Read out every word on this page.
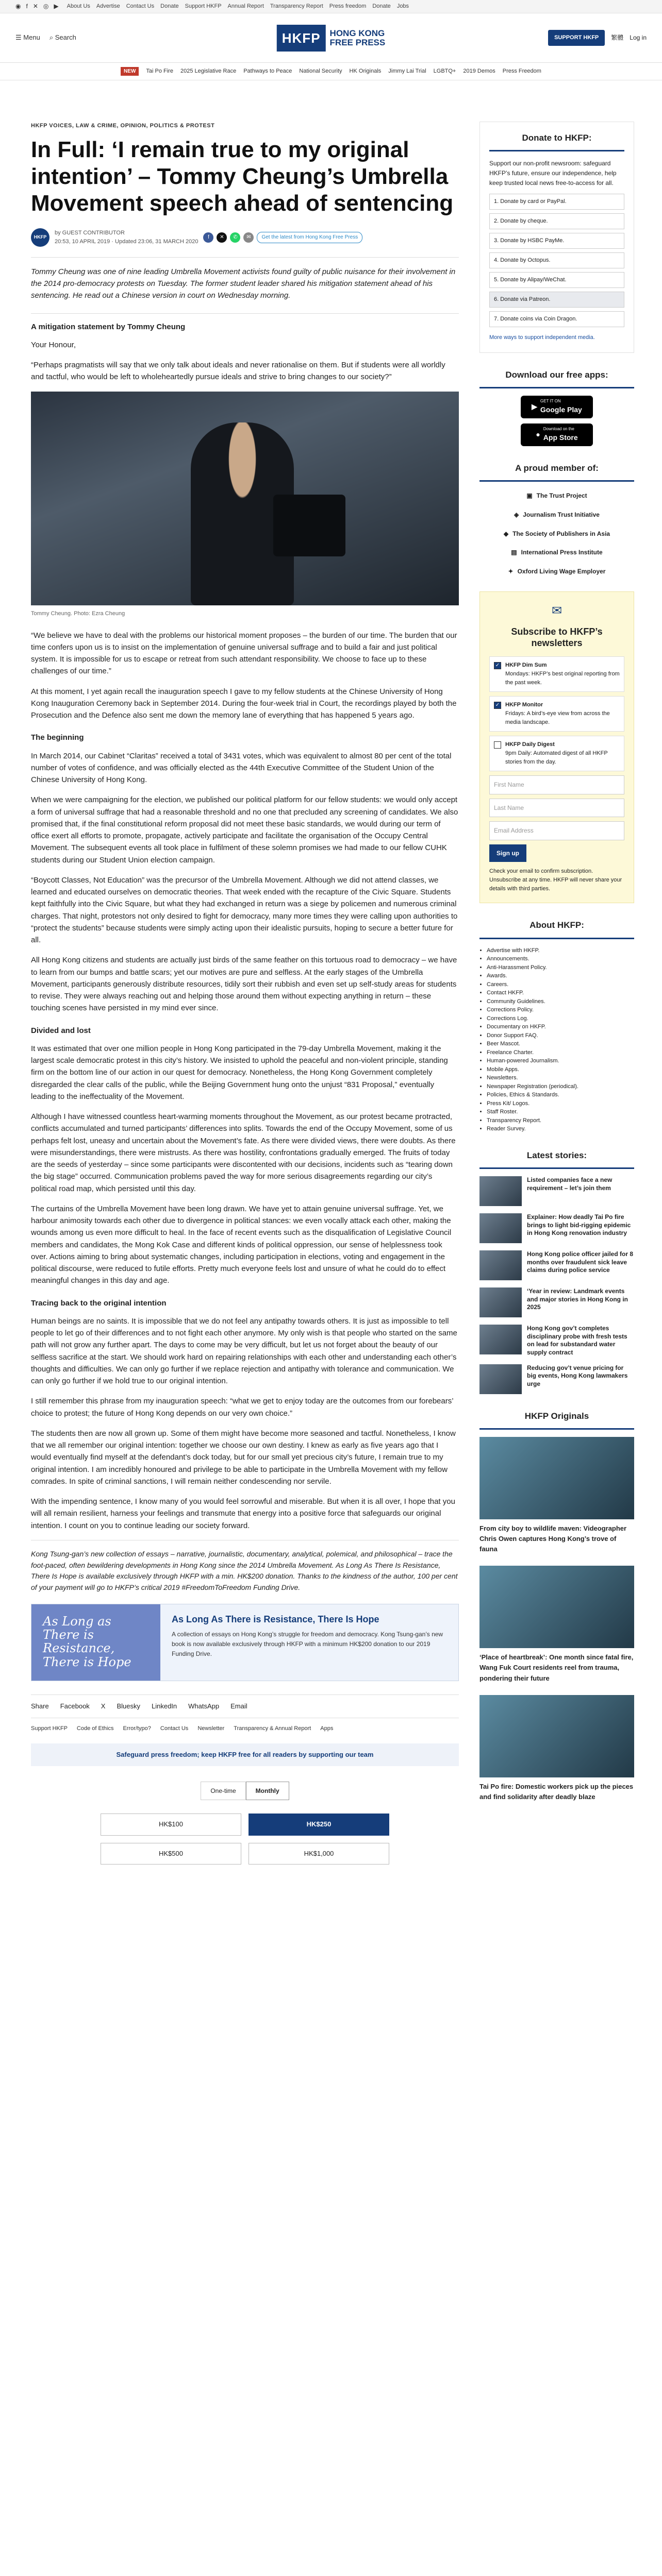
◉ f ✕ ◎ ▶ About Us Advertise Contact Us Donate Support HKFP Annual Report Transparency Report Press freedom Donate Jobs
☰ Menu ⌕ Search	HKFP	HONG KONG
FREE PRESS
SUPPORT HKFP	繁體 Log in
NEW	Tai Po Fire 2025 Legislative Race Pathways to Peace National Security HK Originals Jimmy Lai Trial LGBTQ+ 2019 Demos Press Freedom
HKFP VOICES, LAW & CRIME, OPINION, POLITICS & PROTEST
In Full: ‘I remain true to my original intention’ – Tommy Cheung’s Umbrella Movement speech ahead of sentencing
HKFP
by GUEST CONTRIBUTOR
20:53, 10 APRIL 2019 · Updated 23:06, 31 MARCH 2020
f	✕	✆	✉	Get the latest from Hong Kong Free Press

Tommy Cheung was one of nine leading Umbrella Movement activists found guilty of public nuisance for their involvement in the 2014 pro-democracy protests on Tuesday. The former student leader shared his mitigation statement ahead of his sentencing. He read out a Chinese version in court on Wednesday morning.

A mitigation statement by Tommy Cheung

Your Honour,

“Perhaps pragmatists will say that we only talk about ideals and never rationalise on them. But if students were all worldly and tactful, who would be left to wholeheartedly pursue ideals and strive to bring changes to our society?”

Tommy Cheung. Photo: Ezra Cheung

“We believe we have to deal with the problems our historical moment proposes – the burden of our time. The burden that our time confers upon us is to insist on the implementation of genuine universal suffrage and to build a fair and just political system. It is impossible for us to escape or retreat from such attendant responsibility. We choose to face up to these challenges of our time.”

At this moment, I yet again recall the inauguration speech I gave to my fellow students at the Chinese University of Hong Kong Inauguration Ceremony back in September 2014. During the four-week trial in Court, the recordings played by both the Prosecution and the Defence also sent me down the memory lane of everything that has happened 5 years ago.

The beginning

In March 2014, our Cabinet “Claritas” received a total of 3431 votes, which was equivalent to almost 80 per cent of the total number of votes of confidence, and was officially elected as the 44th Executive Committee of the Student Union of the Chinese University of Hong Kong.

When we were campaigning for the election, we published our political platform for our fellow students: we would only accept a form of universal suffrage that had a reasonable threshold and no one that precluded any screening of candidates. We also promised that, if the final constitutional reform proposal did not meet these basic standards, we would during our term of office exert all efforts to promote, propagate, actively participate and facilitate the organisation of the Occupy Central Movement. The subsequent events all took place in fulfilment of these solemn promises we had made to our fellow CUHK students during our Student Union election campaign.

“Boycott Classes, Not Education” was the precursor of the Umbrella Movement. Although we did not attend classes, we learned and educated ourselves on democratic theories. That week ended with the recapture of the Civic Square. Students kept faithfully into the Civic Square, but what they had exchanged in return was a siege by policemen and numerous criminal charges. That night, protestors not only desired to fight for democracy, many more times they were calling upon authorities to “protect the students” because students were simply acting upon their idealistic pursuits, hoping to secure a better future for all.

All Hong Kong citizens and students are actually just birds of the same feather on this tortuous road to democracy – we have to learn from our bumps and battle scars; yet our motives are pure and selfless. At the early stages of the Umbrella Movement, participants generously distribute resources, tidily sort their rubbish and even set up self-study areas for students to revise. They were always reaching out and helping those around them without expecting anything in return – these touching scenes have persisted in my mind ever since.

Divided and lost

It was estimated that over one million people in Hong Kong participated in the 79-day Umbrella Movement, making it the largest scale democratic protest in this city’s history. We insisted to uphold the peaceful and non-violent principle, standing firm on the bottom line of our action in our quest for democracy. Nonetheless, the Hong Kong Government completely disregarded the clear calls of the public, while the Beijing Government hung onto the unjust “831 Proposal,” eventually leading to the ineffectuality of the Movement.

Although I have witnessed countless heart-warming moments throughout the Movement, as our protest became protracted, conflicts accumulated and turned participants’ differences into splits. Towards the end of the Occupy Movement, some of us perhaps felt lost, uneasy and uncertain about the Movement’s fate. As there were divided views, there were doubts. As there were misunderstandings, there were mistrusts. As there was hostility, confrontations gradually emerged. The fruits of today are the seeds of yesterday – since some participants were discontented with our decisions, incidents such as “tearing down the big stage” occurred. Communication problems paved the way for more serious disagreements regarding our city’s political road map, which persisted until this day.

The curtains of the Umbrella Movement have been long drawn. We have yet to attain genuine universal suffrage. Yet, we harbour animosity towards each other due to divergence in political stances: we even vocally attack each other, making the wounds among us even more difficult to heal. In the face of recent events such as the disqualification of Legislative Council members and candidates, the Mong Kok Case and different kinds of political oppression, our sense of helplessness took over. Actions aiming to bring about systematic changes, including participation in elections, voting and engagement in the political discourse, were reduced to futile efforts. Pretty much everyone feels lost and unsure of what he could do to effect meaningful changes in this day and age.

Tracing back to the original intention

Human beings are no saints. It is impossible that we do not feel any antipathy towards others. It is just as impossible to tell people to let go of their differences and to not fight each other anymore. My only wish is that people who started on the same path will not grow any further apart. The days to come may be very difficult, but let us not forget about the beauty of our selfless sacrifice at the start. We should work hard on repairing relationships with each other and understanding each other’s thoughts and difficulties. We can only go further if we replace rejection and antipathy with tolerance and communication. We can only go further if we hold true to our original intention.

I still remember this phrase from my inauguration speech: “what we get to enjoy today are the outcomes from our forebears’ choice to protest; the future of Hong Kong depends on our very own choice.”

The students then are now all grown up. Some of them might have become more seasoned and tactful. Nonetheless, I know that we all remember our original intention: together we choose our own destiny. I knew as early as five years ago that I would eventually find myself at the defendant’s dock today, but for our small yet precious city’s future, I remain true to my original intention. I am incredibly honoured and privilege to be able to participate in the Umbrella Movement with my fellow comrades. In spite of criminal sanctions, I will remain neither condescending nor servile.

With the impending sentence, I know many of you would feel sorrowful and miserable. But when it is all over, I hope that you will all remain resilient, harness your feelings and transmute that energy into a positive force that safeguards our original intention. I count on you to continue leading our society forward.

Kong Tsung-gan’s new collection of essays – narrative, journalistic, documentary, analytical, polemical, and philosophical – trace the foot-paced, often bewildering developments in Hong Kong since the 2014 Umbrella Movement. As Long As There Is Resistance, There Is Hope is available exclusively through HKFP with a min. HK$200 donation. Thanks to the kindness of the author, 100 per cent of your payment will go to HKFP’s critical 2019 #FreedomToFreedom Funding Drive.

As Long as There is Resistance, There is Hope
As Long As There is Resistance, There Is Hope

A collection of essays on Hong Kong’s struggle for freedom and democracy. Kong Tsung-gan’s new book is now available exclusively through HKFP with a minimum HK$200 donation to our 2019 Funding Drive.

Share Facebook X Bluesky LinkedIn WhatsApp Email
Support HKFP Code of Ethics Error/typo? Contact Us Newsletter Transparency & Annual Report Apps
Safeguard press freedom; keep HKFP free for all readers by supporting our team
One-time	Monthly
HK$100	HK$250
HK$500	HK$1,000
Donate to HKFP:

Support our non-profit newsroom: safeguard HKFP’s future, ensure our independence, help keep trusted local news free-to-access for all.

1. Donate by card or PayPal.
2. Donate by cheque.
3. Donate by HSBC PayMe.
4. Donate by Octopus.
5. Donate by Alipay/WeChat.
6. Donate via Patreon.
7. Donate coins via Coin Dragon.
More ways to support independent media.
Download our free apps:
▶
GET IT ON
Google Play
●
Download on the
App Store
A proud member of:
▣ The Trust Project
◈ Journalism Trust Initiative
◆ The Society of Publishers in Asia
▤ International Press Institute
✦ Oxford Living Wage Employer
✉
Subscribe to HKFP’s newsletters
✓ HKFP Dim Sum
Mondays: HKFP’s best original reporting from the past week.
✓ HKFP Monitor
Fridays: A bird’s-eye view from across the media landscape.
HKFP Daily Digest
9pm Daily: Automated digest of all HKFP stories from the day.
First Name
Last Name
Email Address
Sign up

Check your email to confirm subscription. Unsubscribe at any time. HKFP will never share your details with third parties.

About HKFP:
• Advertise with HKFP.
• Announcements.
• Anti-Harassment Policy.
• Awards.
• Careers.
• Contact HKFP.
• Community Guidelines.
• Corrections Policy.
• Corrections Log.
• Documentary on HKFP.
• Donor Support FAQ.
• Beer Mascot.
• Freelance Charter.
• Human-powered Journalism.
• Mobile Apps.
• Newsletters.
• Newspaper Registration (periodical).
• Policies, Ethics & Standards.
• Press Kit/ Logos.
• Staff Roster.
• Transparency Report.
• Reader Survey.
Latest stories:

Listed companies face a new requirement – let’s join them

Explainer: How deadly Tai Po fire brings to light bid-rigging epidemic in Hong Kong renovation industry

Hong Kong police officer jailed for 8 months over fraudulent sick leave claims during police service

‘Year in review: Landmark events and major stories in Hong Kong in 2025

Hong Kong gov’t completes disciplinary probe with fresh tests on lead for substandard water supply contract

Reducing gov’t venue pricing for big events, Hong Kong lawmakers urge

HKFP Originals

From city boy to wildlife maven: Videographer Chris Owen captures Hong Kong’s trove of fauna

‘Place of heartbreak’: One month since fatal fire, Wang Fuk Court residents reel from trauma, pondering their future

Tai Po fire: Domestic workers pick up the pieces and find solidarity after deadly blaze
